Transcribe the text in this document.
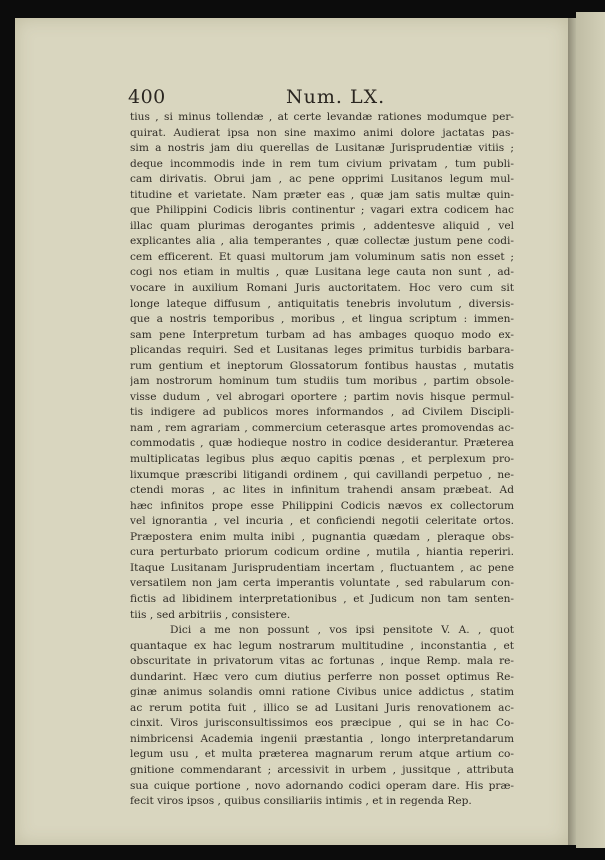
400	Num. LX.
tius , si minus tollendæ , at certe levandæ rationes modumque per-
quirat. Audierat ipsa non sine maximo animi dolore jactatas pas-
sim a nostris jam diu querellas de Lusitanæ Jurisprudentiæ vitiis ;
deque incommodis inde in rem tum civium privatam , tum publi-
cam dirivatis. Obrui jam , ac pene opprimi Lusitanos legum mul-
titudine et varietate. Nam præter eas , quæ jam satis multæ quin-
que Philippini Codicis libris continentur ; vagari extra codicem hac
illac quam plurimas derogantes primis , addentesve aliquid , vel
explicantes alia , alia temperantes , quæ collectæ justum pene codi-
cem efficerent. Et quasi multorum jam voluminum satis non esset ;
cogi nos etiam in multis , quæ Lusitana lege cauta non sunt , ad-
vocare in auxilium Romani Juris auctoritatem. Hoc vero cum sit
longe lateque diffusum , antiquitatis tenebris involutum , diversis-
que a nostris temporibus , moribus , et lingua scriptum : immen-
sam pene Interpretum turbam ad has ambages quoquo modo ex-
plicandas requiri. Sed et Lusitanas leges primitus turbidis barbara-
rum gentium et ineptorum Glossatorum fontibus haustas , mutatis
jam nostrorum hominum tum studiis tum moribus , partim obsole-
visse dudum , vel abrogari oportere ; partim novis hisque permul-
tis indigere ad publicos mores informandos , ad Civilem Discipli-
nam , rem agrariam , commercium ceterasque artes promovendas ac-
commodatis , quæ hodieque nostro in codice desiderantur. Præterea
multiplicatas legibus plus æquo capitis pœnas , et perplexum pro-
lixumque præscribi litigandi ordinem , qui cavillandi perpetuo , ne-
ctendi moras , ac lites in infinitum trahendi ansam præbeat. Ad
hæc infinitos prope esse Philippini Codicis nævos ex collectorum
vel ignorantia , vel incuria , et conficiendi negotii celeritate ortos.
Præpostera enim multa inibi , pugnantia quædam , pleraque obs-
cura perturbato priorum codicum ordine , mutila , hiantia reperiri.
Itaque Lusitanam Jurisprudentiam incertam , fluctuantem , ac pene
versatilem non jam certa imperantis voluntate , sed rabularum con-
fictis ad libidinem interpretationibus , et Judicum non tam senten-
tiis , sed arbitriis , consistere.
Dici a me non possunt , vos ipsi pensitote V. A. , quot
quantaque ex hac legum nostrarum multitudine , inconstantia , et
obscuritate in privatorum vitas ac fortunas , inque Remp. mala re-
dundarint. Hæc vero cum diutius perferre non posset optimus Re-
ginæ animus solandis omni ratione Civibus unice addictus , statim
ac rerum potita fuit , illico se ad Lusitani Juris renovationem ac-
cinxit. Viros jurisconsultissimos eos præcipue , qui se in hac Co-
nimbricensi Academia ingenii præstantia , longo interpretandarum
legum usu , et multa præterea magnarum rerum atque artium co-
gnitione commendarant ; arcessivit in urbem , jussitque , attributa
sua cuique portione , novo adornando codici operam dare. His præ-
fecit viros ipsos , quibus consiliariis intimis , et in regenda Rep.
